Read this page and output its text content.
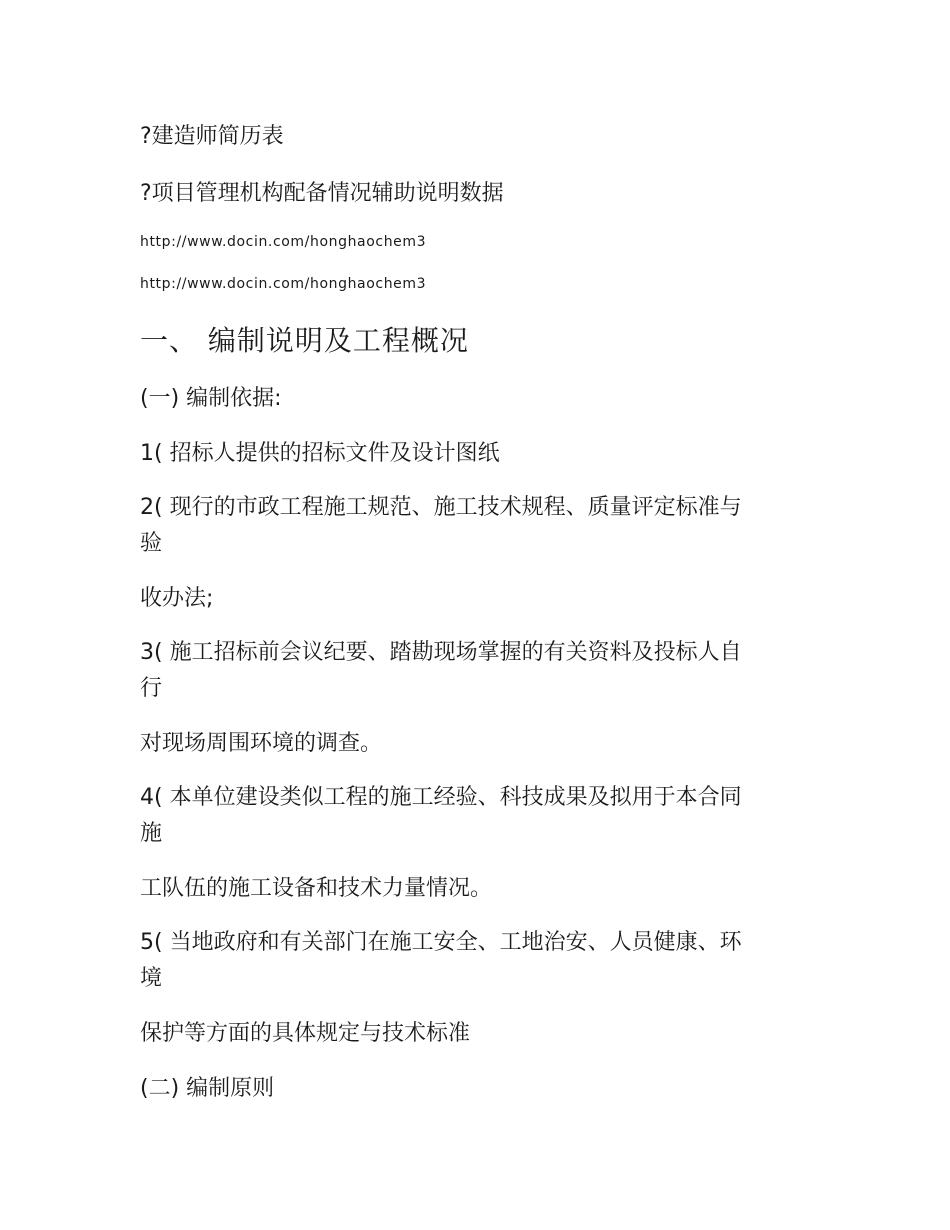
?建造师简历表
?项目管理机构配备情况辅助说明数据
http://www.docin.com/honghaochem3
http://www.docin.com/honghaochem3
一、 编制说明及工程概况
(一) 编制依据:
1( 招标人提供的招标文件及设计图纸
2( 现行的市政工程施工规范、施工技术规程、质量评定标准与
验
收办法;
3( 施工招标前会议纪要、踏勘现场掌握的有关资料及投标人自
行
对现场周围环境的调查。
4( 本单位建设类似工程的施工经验、科技成果及拟用于本合同
施
工队伍的施工设备和技术力量情况。
5( 当地政府和有关部门在施工安全、工地治安、人员健康、环
境
保护等方面的具体规定与技术标准
(二) 编制原则
